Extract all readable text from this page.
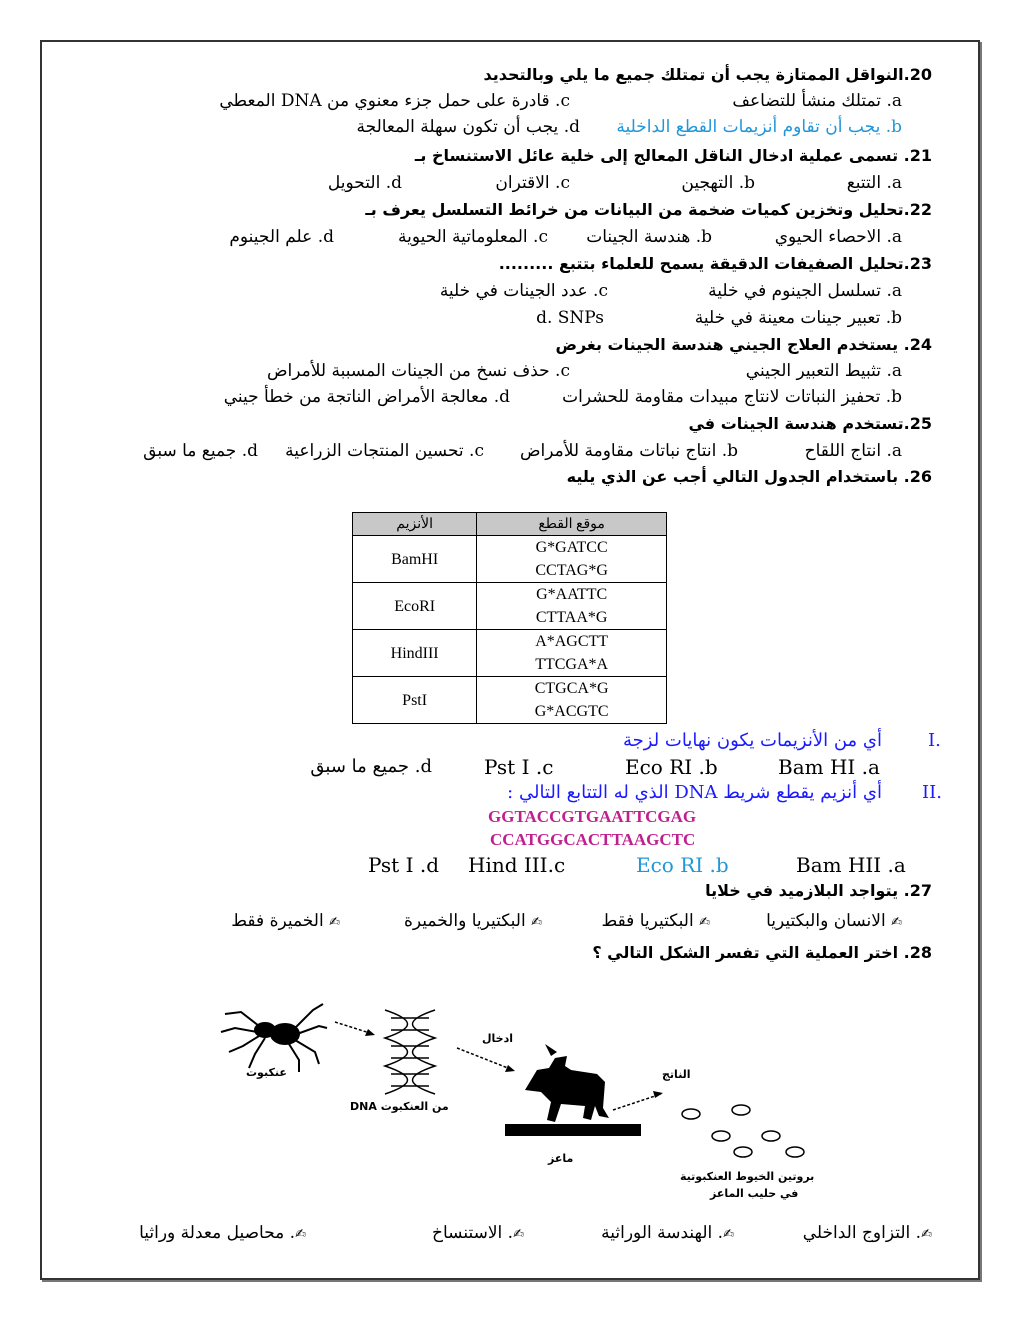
20.النواقل الممتازة يجب أن تمتلك جميع ما يلي وبالتحديد
a. تمتلك منشأ للتضاعف
c. قادرة على حمل جزء معنوي من DNA المعطي
b. يجب أن تقاوم أنزيمات القطع الداخلية
d. يجب أن تكون سهلة المعالجة
21. تسمى عملية ادخال الناقل المعالج إلى خلية عائل الاستنساخ بـ
a. التتبع
b. التهجين
c. الاقتران
d. التحويل
22.تحليل وتخزين كميات ضخمة من البيانات من خرائط التسلسل يعرف بـ
a. الاحصاء الحيوي
b. هندسة الجينات
c. المعلوماتية الحيوية
d. علم الجينوم
23.تحليل الصفيفات الدقيقة يسمح للعلماء بتتبع .........
a. تسلسل الجينوم في خلية
c. عدد الجينات في خلية
b. تعبير جينات معينة في خلية
d. SNPs
24. يستخدم العلاج الجيني هندسة الجينات بغرض
a. تثبيط التعبير الجيني
c. حذف نسخ من الجينات المسببة للأمراض
b. تحفيز النباتات لانتاج مبيدات مقاومة للحشرات
d. معالجة الأمراض الناتجة من خطأ جيني
25.تستخدم هندسة الجينات في
a. انتاج اللقاح
b. انتاج نباتات مقاومة للأمراض
c. تحسين المنتجات الزراعية
d. جميع ما سبق
26. باستخدام الجدول التالي أجب عن الذي يليه
الأنزيم	موقع القطع
BamHI	G*GATCC
CCTAG*G

EcoRI	G*AATTC
CTTAA*G

HindIII	A*AGCTT
TTCGA*A

PstI	CTGCA*G
G*ACGTC
I.
أي من الأنزيمات يكون نهايات لزجة
Bam HI .a
Eco RI .b
Pst I .c
d. جميع ما سبق
II.
أي أنزيم يقطع شريط DNA الذي له التتابع التالي :
GGTACCGTGAATTCGAG
CCATGGCACTTAAGCTC
Bam HII .a
Eco RI .b
Hind III.c
Pst I .d
27. يتواجد البلازميد في خلايا
✍ الانسان والبكتيريا
✍ البكتيريا فقط
✍ البكتيريا والخميرة
✍ الخميرة فقط
28. اختر العملية التي تفسر الشكل التالي ؟
عنكبوت
DNA من العنكبوت
ادخال
ماعز
الناتج
بروتين الخيوط العنكبوتية
في حليب الماعز
✍. التزاوج الداخلي
✍. الهندسة الوراثية
✍. الاستنساخ
✍. محاصيل معدلة وراثيا
